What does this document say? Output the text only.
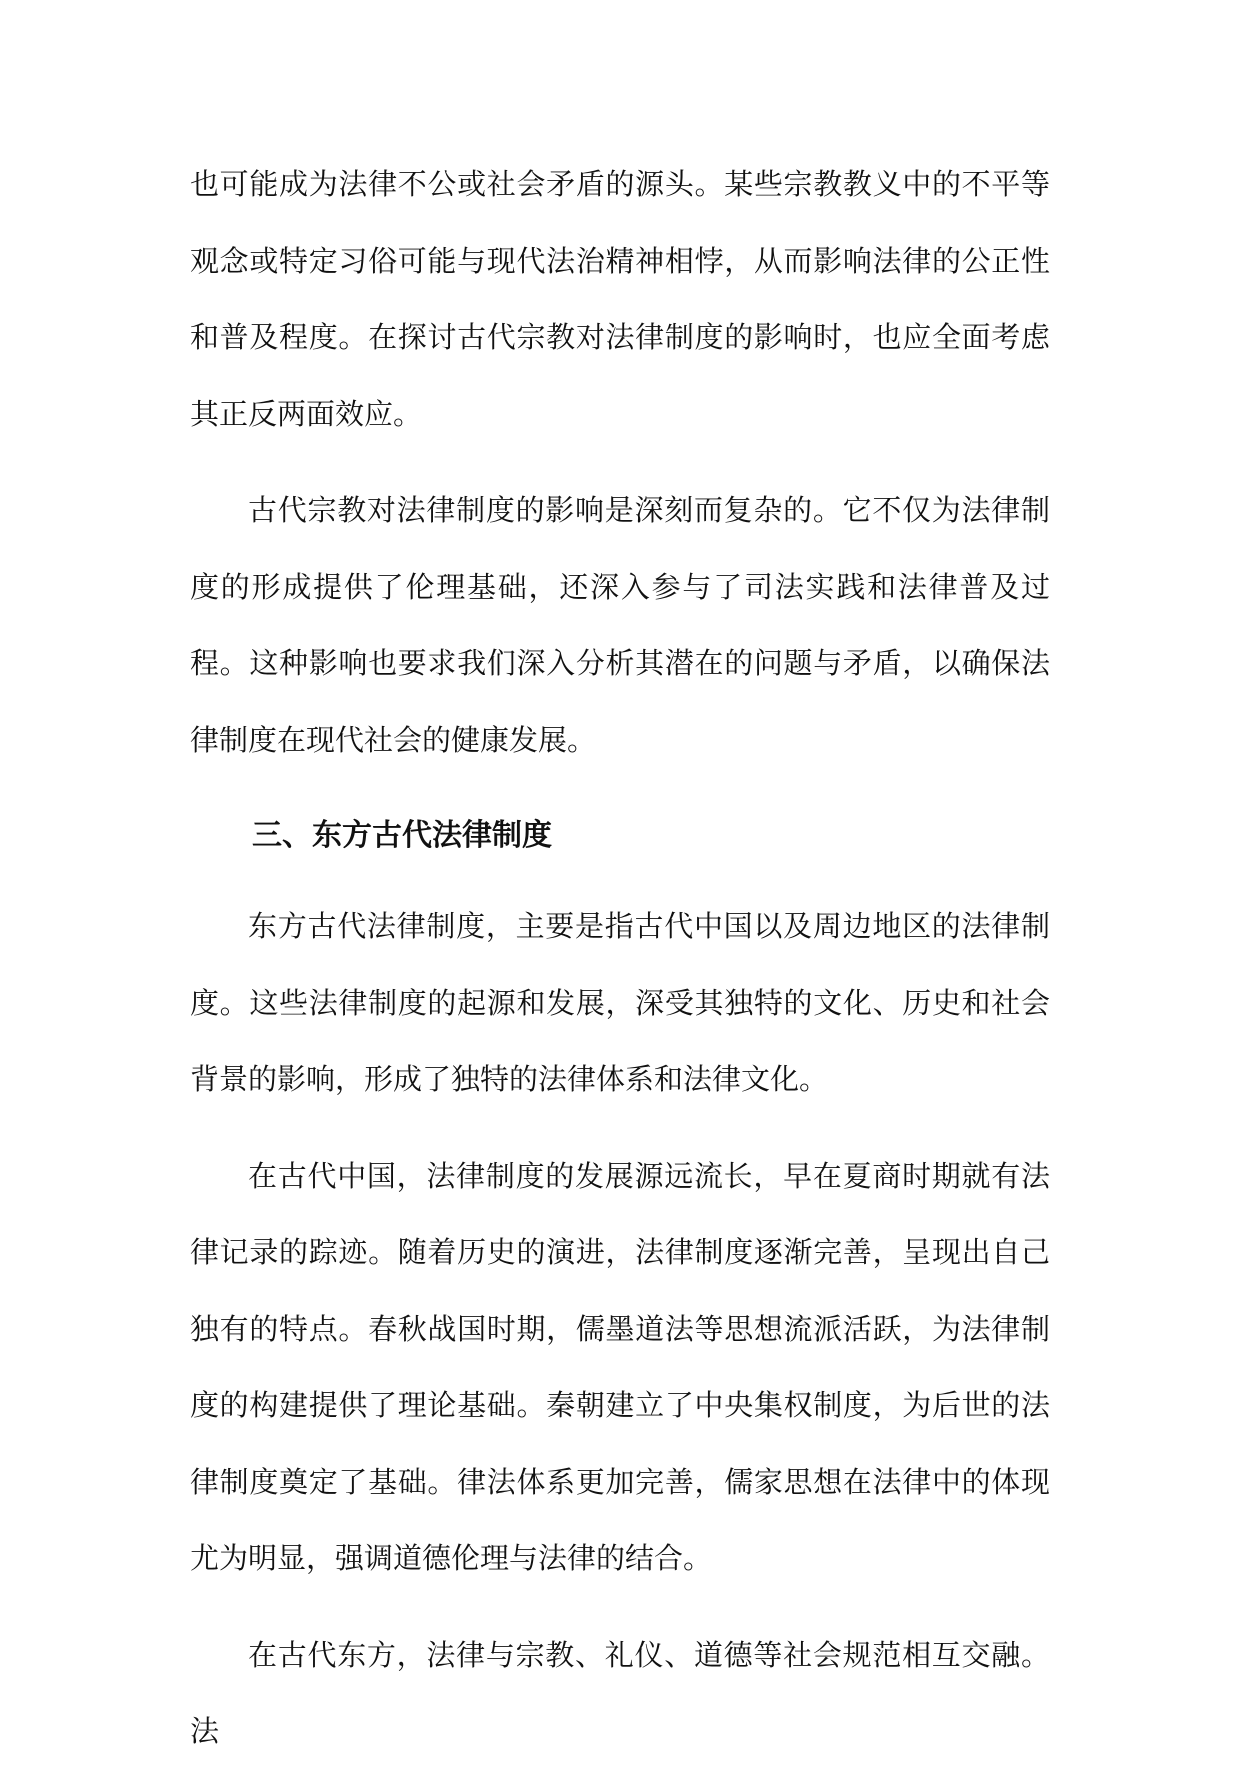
也可能成为法律不公或社会矛盾的源头。某些宗教教义中的不平等观念或特定习俗可能与现代法治精神相悖，从而影响法律的公正性和普及程度。在探讨古代宗教对法律制度的影响时，也应全面考虑其正反两面效应。

古代宗教对法律制度的影响是深刻而复杂的。它不仅为法律制度的形成提供了伦理基础，还深入参与了司法实践和法律普及过程。这种影响也要求我们深入分析其潜在的问题与矛盾，以确保法律制度在现代社会的健康发展。

三、东方古代法律制度

东方古代法律制度，主要是指古代中国以及周边地区的法律制度。这些法律制度的起源和发展，深受其独特的文化、历史和社会背景的影响，形成了独特的法律体系和法律文化。

在古代中国，法律制度的发展源远流长，早在夏商时期就有法律记录的踪迹。随着历史的演进，法律制度逐渐完善，呈现出自己独有的特点。春秋战国时期，儒墨道法等思想流派活跃，为法律制度的构建提供了理论基础。秦朝建立了中央集权制度，为后世的法律制度奠定了基础。律法体系更加完善，儒家思想在法律中的体现尤为明显，强调道德伦理与法律的结合。

在古代东方，法律与宗教、礼仪、道德等社会规范相互交融。法
